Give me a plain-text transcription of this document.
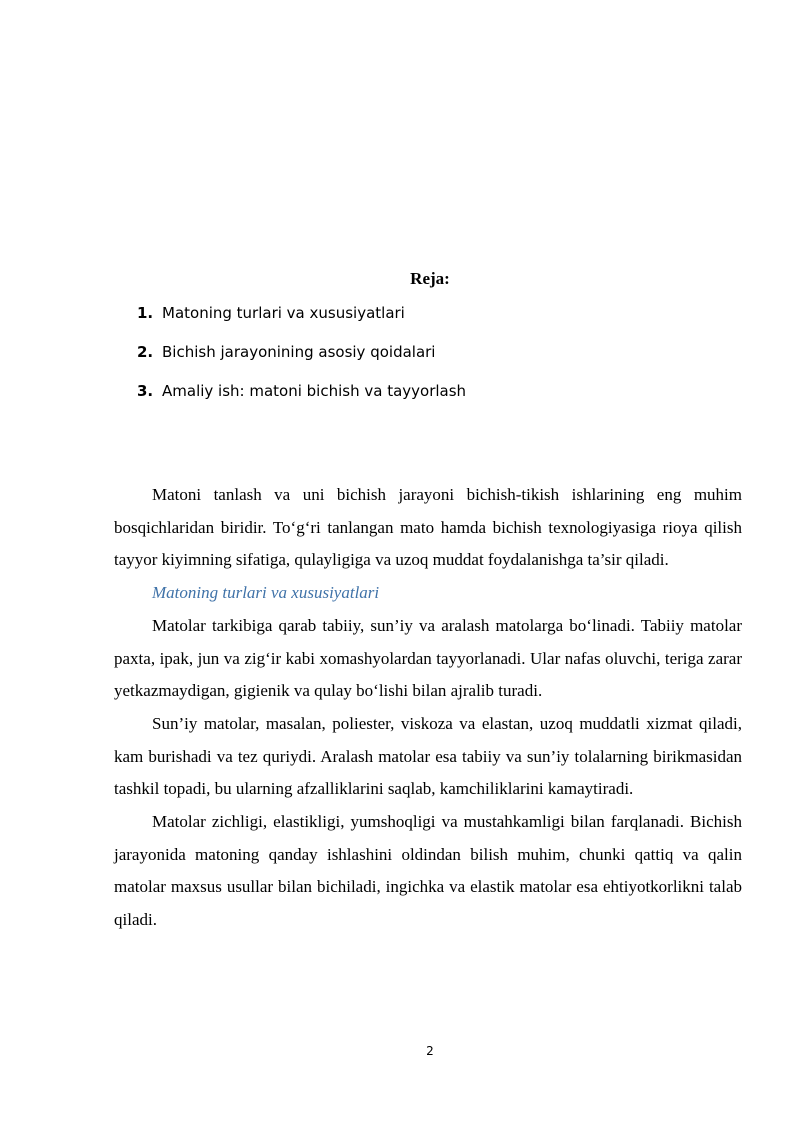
Reja:
1. Matoning turlari va xususiyatlari
2. Bichish jarayonining asosiy qoidalari
3. Amaliy ish: matoni bichish va tayyorlash

Matoni tanlash va uni bichish jarayoni bichish-tikish ishlarining eng muhim bosqichlaridan biridir. To‘g‘ri tanlangan mato hamda bichish texnologiyasiga rioya qilish tayyor kiyimning sifatiga, qulayligiga va uzoq muddat foydalanishga ta’sir qiladi.

Matoning turlari va xususiyatlari

Matolar tarkibiga qarab tabiiy, sun’iy va aralash matolarga bo‘linadi. Tabiiy matolar paxta, ipak, jun va zig‘ir kabi xomashyolardan tayyorlanadi. Ular nafas oluvchi, teriga zarar yetkazmaydigan, gigienik va qulay bo‘lishi bilan ajralib turadi.

Sun’iy matolar, masalan, poliester, viskoza va elastan, uzoq muddatli xizmat qiladi, kam burishadi va tez quriydi. Aralash matolar esa tabiiy va sun’iy tolalarning birikmasidan tashkil topadi, bu ularning afzalliklarini saqlab, kamchiliklarini kamaytiradi.

Matolar zichligi, elastikligi, yumshoqligi va mustahkamligi bilan farqlanadi. Bichish jarayonida matoning qanday ishlashini oldindan bilish muhim, chunki qattiq va qalin matolar maxsus usullar bilan bichiladi, ingichka va elastik matolar esa ehtiyotkorlikni talab qiladi.

2
